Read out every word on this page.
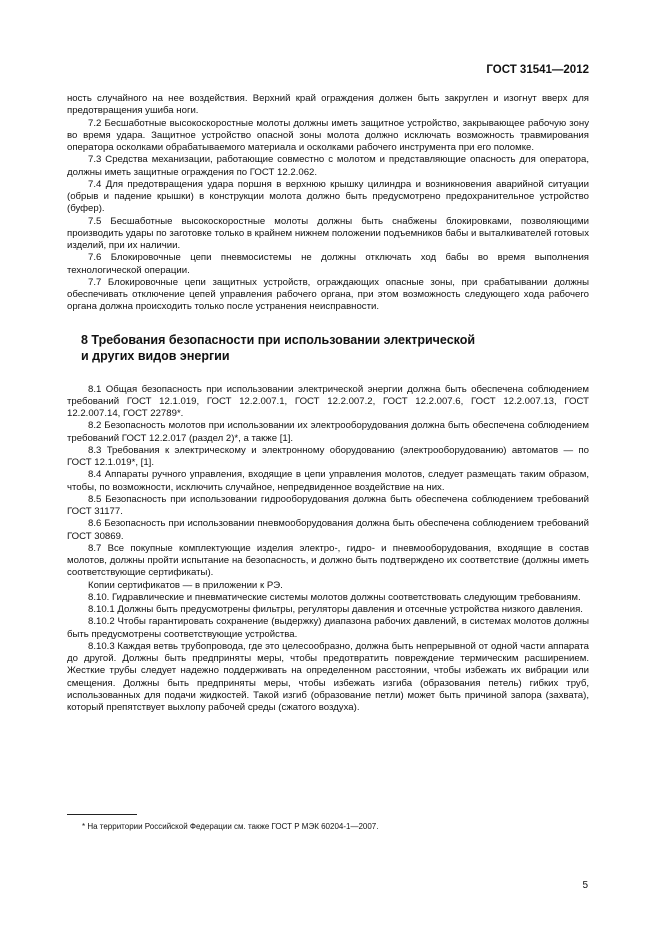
ГОСТ 31541—2012

ность случайного на нее воздействия. Верхний край ограждения должен быть закруглен и изогнут вверх для предотвращения ушиба ноги.

7.2 Бесшаботные высокоскоростные молоты должны иметь защитное устройство, закрывающее рабочую зону во время удара. Защитное устройство опасной зоны молота должно исключать возможность травмирования оператора осколками обрабатываемого материала и осколками рабочего инструмента при его поломке.

7.3 Средства механизации, работающие совместно с молотом и представляющие опасность для оператора, должны иметь защитные ограждения по ГОСТ 12.2.062.

7.4 Для предотвращения удара поршня в верхнюю крышку цилиндра и возникновения аварийной ситуации (обрыв и падение крышки) в конструкции молота должно быть предусмотрено предохранительное устройство (буфер).

7.5 Бесшаботные высокоскоростные молоты должны быть снабжены блокировками, позволяющими производить удары по заготовке только в крайнем нижнем положении подъемников бабы и выталкивателей готовых изделий, при их наличии.

7.6 Блокировочные цепи пневмосистемы не должны отключать ход бабы во время выполнения технологической операции.

7.7 Блокировочные цепи защитных устройств, ограждающих опасные зоны, при срабатывании должны обеспечивать отключение цепей управления рабочего органа, при этом возможность следующего хода рабочего органа должна происходить только после устранения неисправности.

8 Требования безопасности при использовании электрической
и других видов энергии

8.1 Общая безопасность при использовании электрической энергии должна быть обеспечена соблюдением требований ГОСТ 12.1.019, ГОСТ 12.2.007.1, ГОСТ 12.2.007.2, ГОСТ 12.2.007.6, ГОСТ 12.2.007.13, ГОСТ 12.2.007.14, ГОСТ 22789*.

8.2 Безопасность молотов при использовании их электрооборудования должна быть обеспечена соблюдением требований ГОСТ 12.2.017 (раздел 2)*, а также [1].

8.3 Требования к электрическому и электронному оборудованию (электрооборудованию) автоматов — по ГОСТ 12.1.019*, [1].

8.4 Аппараты ручного управления, входящие в цепи управления молотов, следует размещать таким образом, чтобы, по возможности, исключить случайное, непредвиденное воздействие на них.

8.5 Безопасность при использовании гидрооборудования должна быть обеспечена соблюдением требований ГОСТ 31177.

8.6 Безопасность при использовании пневмооборудования должна быть обеспечена соблюдением требований ГОСТ 30869.

8.7 Все покупные комплектующие изделия электро-, гидро- и пневмооборудования, входящие в состав молотов, должны пройти испытание на безопасность, и должно быть подтверждено их соответствие (должны иметь соответствующие сертификаты).

Копии сертификатов — в приложении к РЭ.

8.10. Гидравлические и пневматические системы молотов должны соответствовать следующим требованиям.

8.10.1 Должны быть предусмотрены фильтры, регуляторы давления и отсечные устройства низкого давления.

8.10.2 Чтобы гарантировать сохранение (выдержку) диапазона рабочих давлений, в системах молотов должны быть предусмотрены соответствующие устройства.

8.10.3 Каждая ветвь трубопровода, где это целесообразно, должна быть непрерывной от одной части аппарата до другой. Должны быть предприняты меры, чтобы предотвратить повреждение термическим расширением. Жесткие трубы следует надежно поддерживать на определенном расстоянии, чтобы избежать их вибрации или смещения. Должны быть предприняты меры, чтобы избежать изгиба (образования петель) гибких труб, использованных для подачи жидкостей. Такой изгиб (образование петли) может быть причиной запора (захвата), который препятствует выхлопу рабочей среды (сжатого воздуха).

* На территории Российской Федерации см. также ГОСТ Р МЭК 60204-1—2007.
5
